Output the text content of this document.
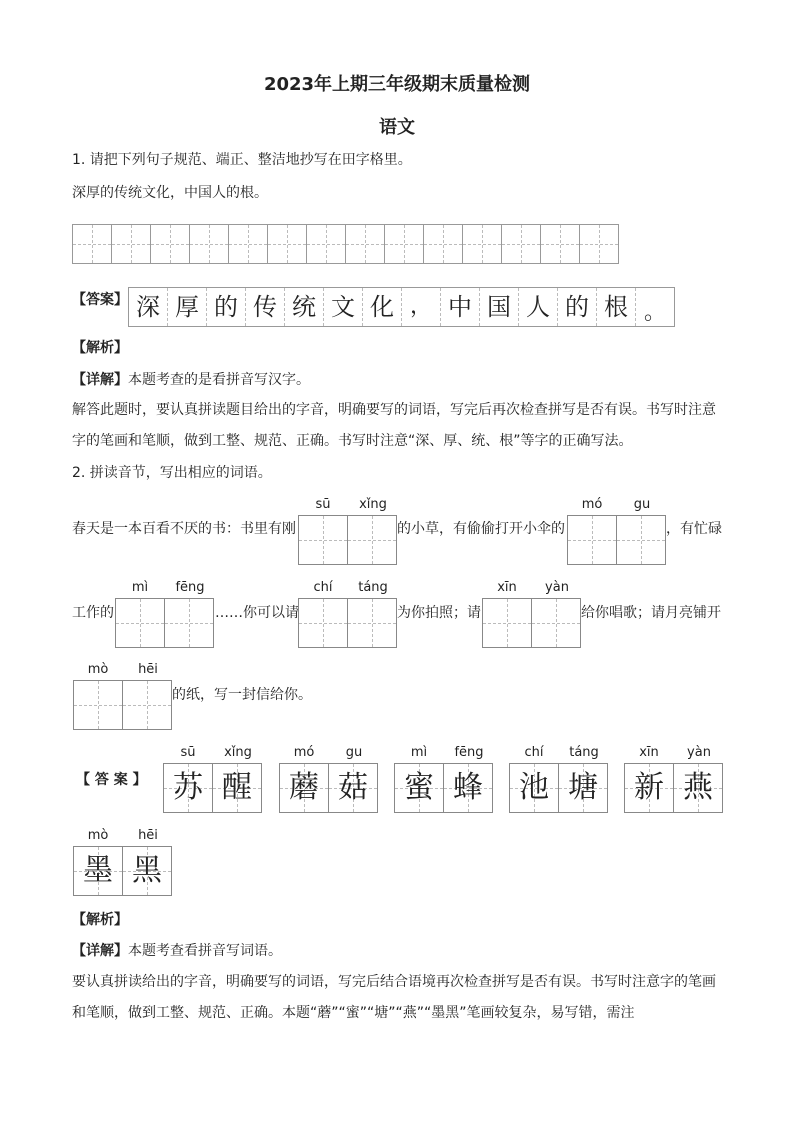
2023年上期三年级期末质量检测
语文
1. 请把下列句子规范、端正、整洁地抄写在田字格里。
深厚的传统文化，中国人的根。
【答案】 深 厚 的 传 统 文 化 ， 中 国 人 的 根 。
【解析】
【详解】本题考查的是看拼音写汉字。
解答此题时，要认真拼读题目给出的字音，明确要写的词语，写完后再次检查拼写是否有误。书写时注意
字的笔画和笔顺，做到工整、规范、正确。书写时注意“深、厚、统、根”等字的正确写法。
2. 拼读音节，写出相应的词语。
春天是一本百看不厌的书：书里有刚	的小草，有偷偷打开小伞的	，有忙碌
工作的	……你可以请	为你拍照；请	给你唱歌；请月亮铺开
的纸，写一封信给你。
sū	xǐng	mó	gu
mì	fēng	chí	táng	xīn	yàn
mò	hēi
【 答 案 】
sū	xǐng
苏 醒
mó	gu
蘑 菇
mì	fēng
蜜 蜂
chí	táng
池 塘
xīn	yàn
新 燕
mò	hēi
墨 黑
【解析】
【详解】本题考查看拼音写词语。
要认真拼读给出的字音，明确要写的词语，写完后结合语境再次检查拼写是否有误。书写时注意字的笔画
和笔顺，做到工整、规范、正确。本题“蘑”“蜜”“塘”“燕”“墨黑”笔画较复杂，易写错，需注
